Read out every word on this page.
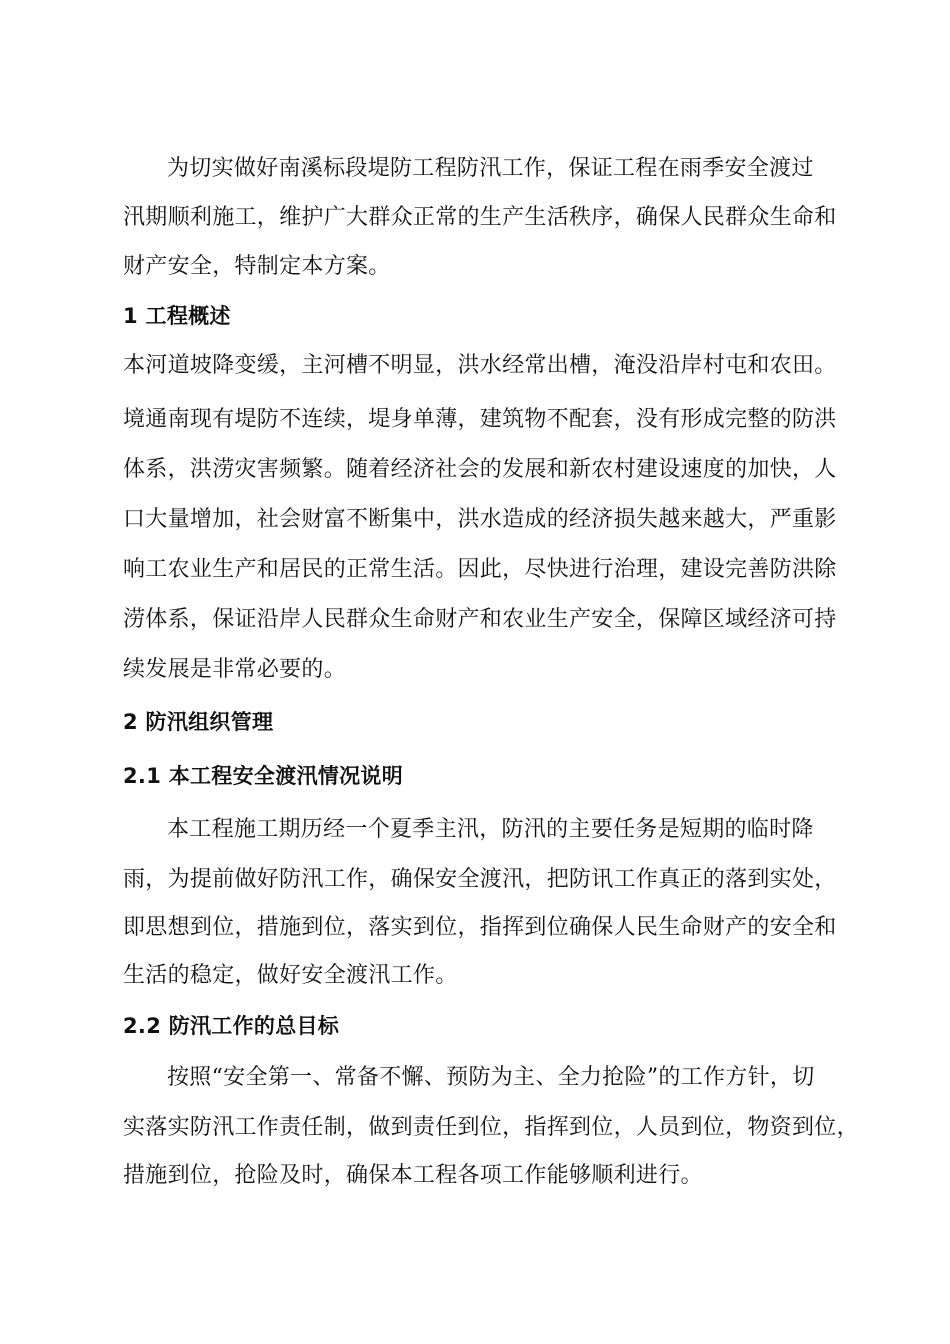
为切实做好南溪标段堤防工程防汛工作，保证工程在雨季安全渡过
汛期顺利施工，维护广大群众正常的生产生活秩序，确保人民群众生命和
财产安全，特制定本方案。
1 工程概述
本河道坡降变缓，主河槽不明显，洪水经常出槽，淹没沿岸村屯和农田。
境通南现有堤防不连续，堤身单薄，建筑物不配套，没有形成完整的防洪
体系，洪涝灾害频繁。随着经济社会的发展和新农村建设速度的加快，人
口大量增加，社会财富不断集中，洪水造成的经济损失越来越大，严重影
响工农业生产和居民的正常生活。因此，尽快进行治理，建设完善防洪除
涝体系，保证沿岸人民群众生命财产和农业生产安全，保障区域经济可持
续发展是非常必要的。
2 防汛组织管理
2.1 本工程安全渡汛情况说明
本工程施工期历经一个夏季主汛，防汛的主要任务是短期的临时降
雨，为提前做好防汛工作，确保安全渡汛，把防讯工作真正的落到实处，
即思想到位，措施到位，落实到位，指挥到位确保人民生命财产的安全和
生活的稳定，做好安全渡汛工作。
2.2 防汛工作的总目标
按照“安全第一、常备不懈、预防为主、全力抢险”的工作方针，切
实落实防汛工作责任制，做到责任到位，指挥到位，人员到位，物资到位，
措施到位，抢险及时，确保本工程各项工作能够顺利进行。
